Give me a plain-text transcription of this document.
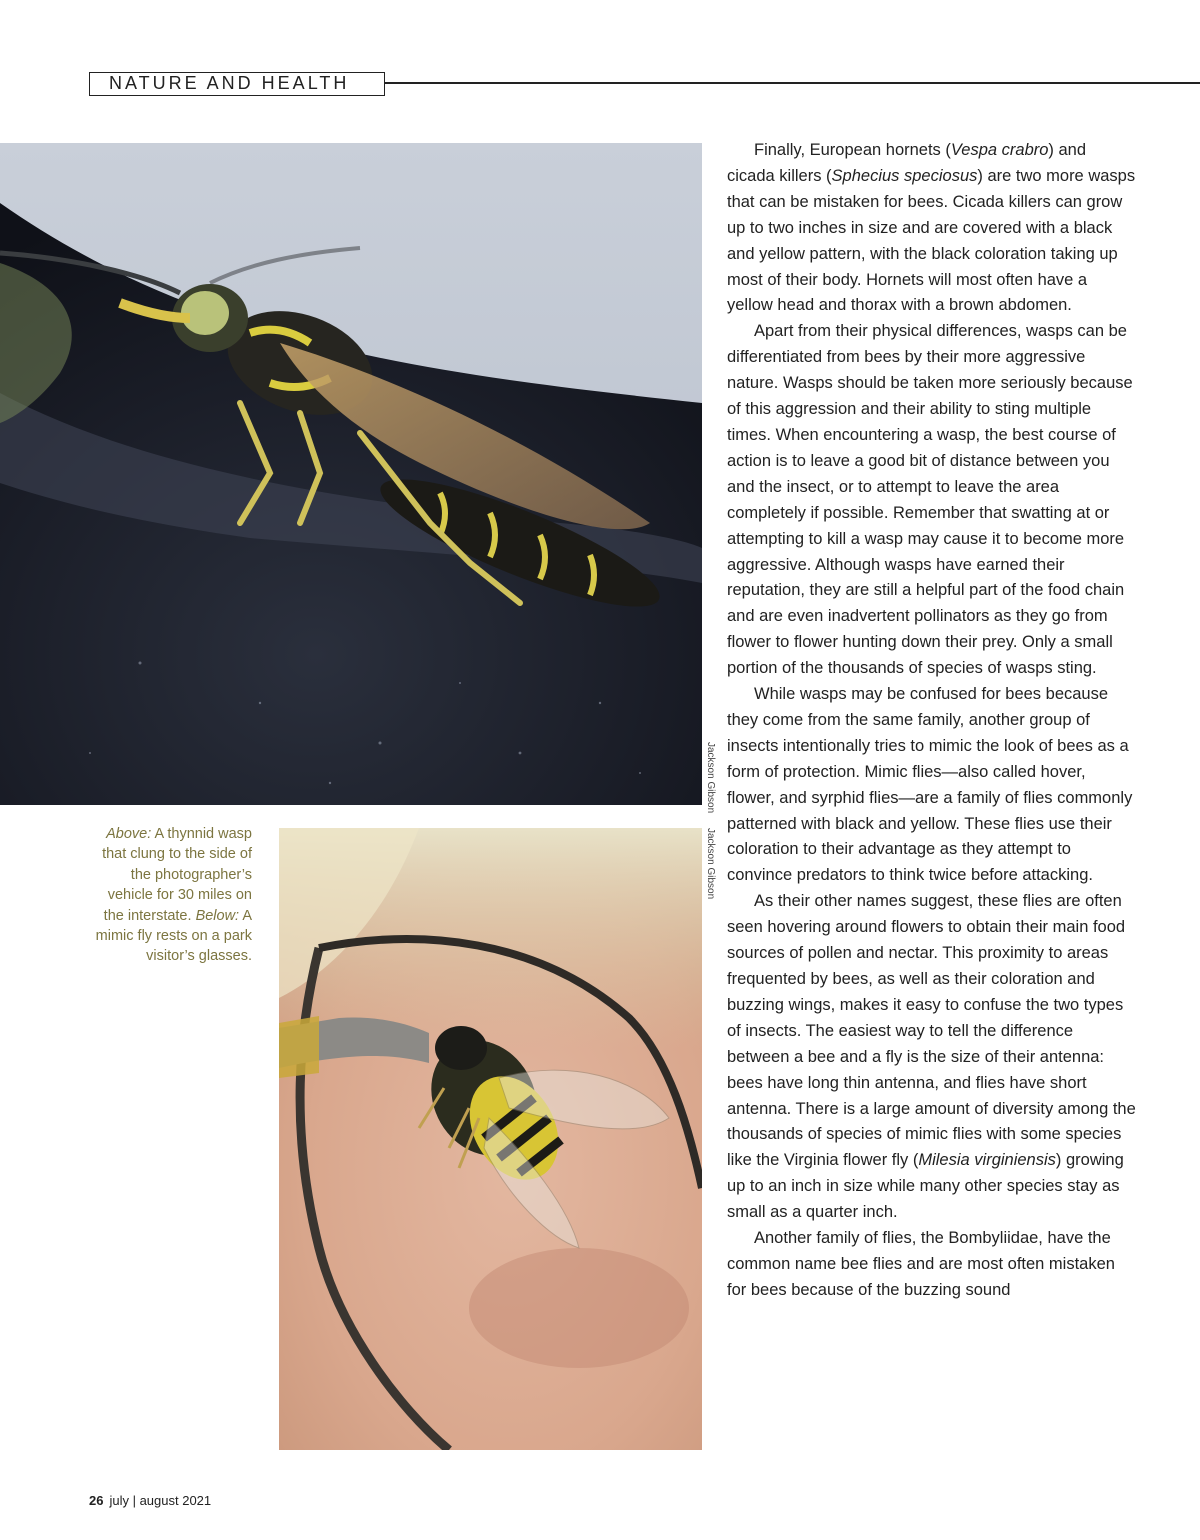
NATURE AND HEALTH
Jackson Gibson
Above: A thynnid wasp that clung to the side of the photographer’s vehicle for 30 miles on the interstate. Below: A mimic fly rests on a park visitor’s glasses.
Jackson Gibson

Finally, European hornets (Vespa crabro) and cicada killers (Sphecius speciosus) are two more wasps that can be mistaken for bees. Cicada killers can grow up to two inches in size and are covered with a black and yellow pattern, with the black coloration taking up most of their body. Hornets will most often have a yellow head and thorax with a brown abdomen.

Apart from their physical differences, wasps can be differentiated from bees by their more aggressive nature. Wasps should be taken more seriously because of this aggression and their ability to sting multiple times. When encountering a wasp, the best course of action is to leave a good bit of distance between you and the insect, or to attempt to leave the area completely if possible. Remember that swatting at or attempting to kill a wasp may cause it to become more aggressive. Although wasps have earned their reputation, they are still a helpful part of the food chain and are even inadvertent pollinators as they go from flower to flower hunting down their prey. Only a small portion of the thousands of species of wasps sting.

While wasps may be confused for bees because they come from the same family, another group of insects intentionally tries to mimic the look of bees as a form of protection. Mimic flies—also called hover, flower, and syrphid flies—are a family of flies commonly patterned with black and yellow. These flies use their coloration to their advantage as they attempt to convince predators to think twice before attacking.

As their other names suggest, these flies are often seen hovering around flowers to obtain their main food sources of pollen and nectar. This proximity to areas frequented by bees, as well as their coloration and buzzing wings, makes it easy to confuse the two types of insects. The easiest way to tell the difference between a bee and a fly is the size of their antenna: bees have long thin antenna, and flies have short antenna. There is a large amount of diversity among the thousands of species of mimic flies with some species like the Virginia flower fly (Milesia virginiensis) growing up to an inch in size while many other species stay as small as a quarter inch.

Another family of flies, the Bombyliidae, have the common name bee flies and are most often mistaken for bees because of the buzzing sound

26 july | august 2021
